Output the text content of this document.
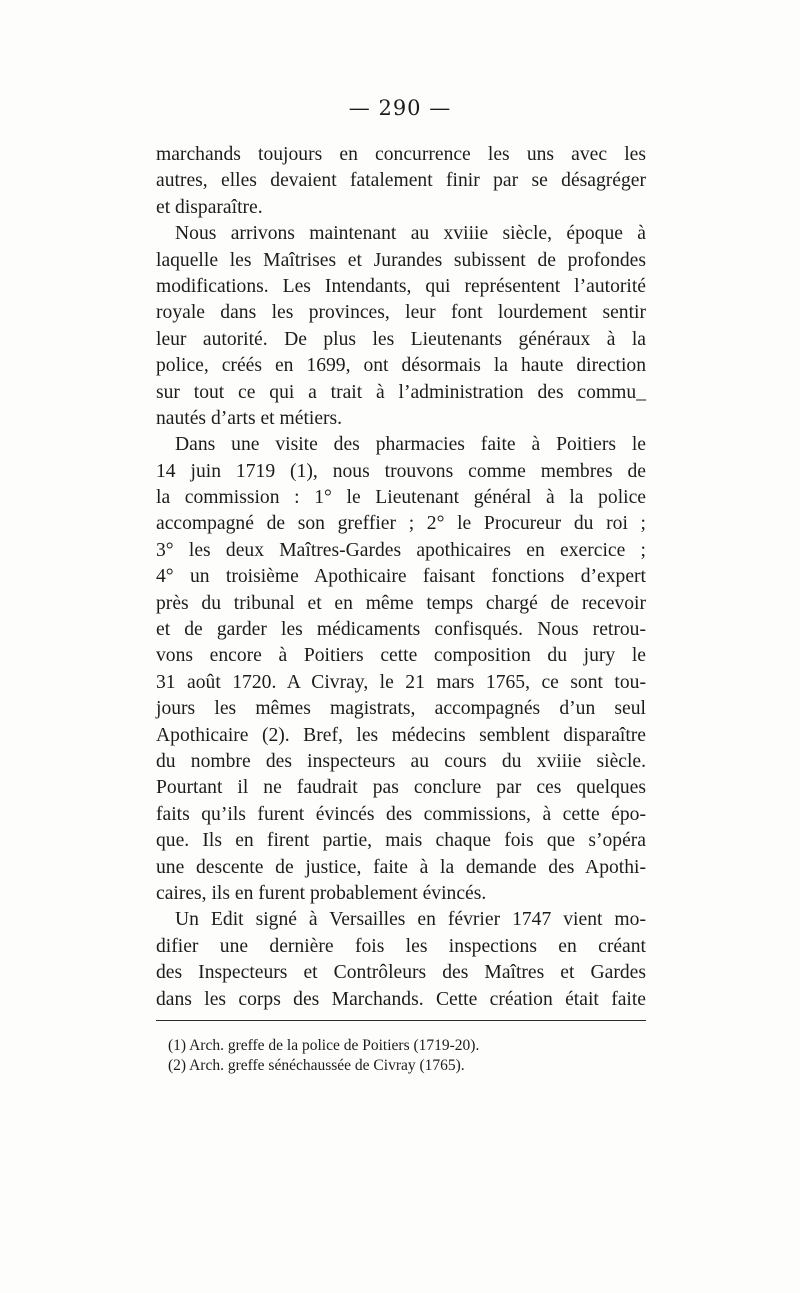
— 290 —
marchands toujours en concurrence les uns avec les
autres, elles devaient fatalement finir par se désagréger
et disparaître.
Nous arrivons maintenant au xviiie siècle, époque à
laquelle les Maîtrises et Jurandes subissent de profondes
modifications. Les Intendants, qui représentent l’autorité
royale dans les provinces, leur font lourdement sentir
leur autorité. De plus les Lieutenants généraux à la
police, créés en 1699, ont désormais la haute direction
sur tout ce qui a trait à l’administration des commu_
nautés d’arts et métiers.
Dans une visite des pharmacies faite à Poitiers le
14 juin 1719 (1), nous trouvons comme membres de
la commission : 1° le Lieutenant général à la police
accompagné de son greffier ; 2° le Procureur du roi ;
3° les deux Maîtres-Gardes apothicaires en exercice ;
4° un troisième Apothicaire faisant fonctions d’expert
près du tribunal et en même temps chargé de recevoir
et de garder les médicaments confisqués. Nous retrou-
vons encore à Poitiers cette composition du jury le
31 août 1720. A Civray, le 21 mars 1765, ce sont tou-
jours les mêmes magistrats, accompagnés d’un seul
Apothicaire (2). Bref, les médecins semblent disparaître
du nombre des inspecteurs au cours du xviiie siècle.
Pourtant il ne faudrait pas conclure par ces quelques
faits qu’ils furent évincés des commissions, à cette épo-
que. Ils en firent partie, mais chaque fois que s’opéra
une descente de justice, faite à la demande des Apothi-
caires, ils en furent probablement évincés.
Un Edit signé à Versailles en février 1747 vient mo-
difier une dernière fois les inspections en créant
des Inspecteurs et Contrôleurs des Maîtres et Gardes
dans les corps des Marchands. Cette création était faite
(1) Arch. greffe de la police de Poitiers (1719-20).
(2) Arch. greffe sénéchaussée de Civray (1765).
